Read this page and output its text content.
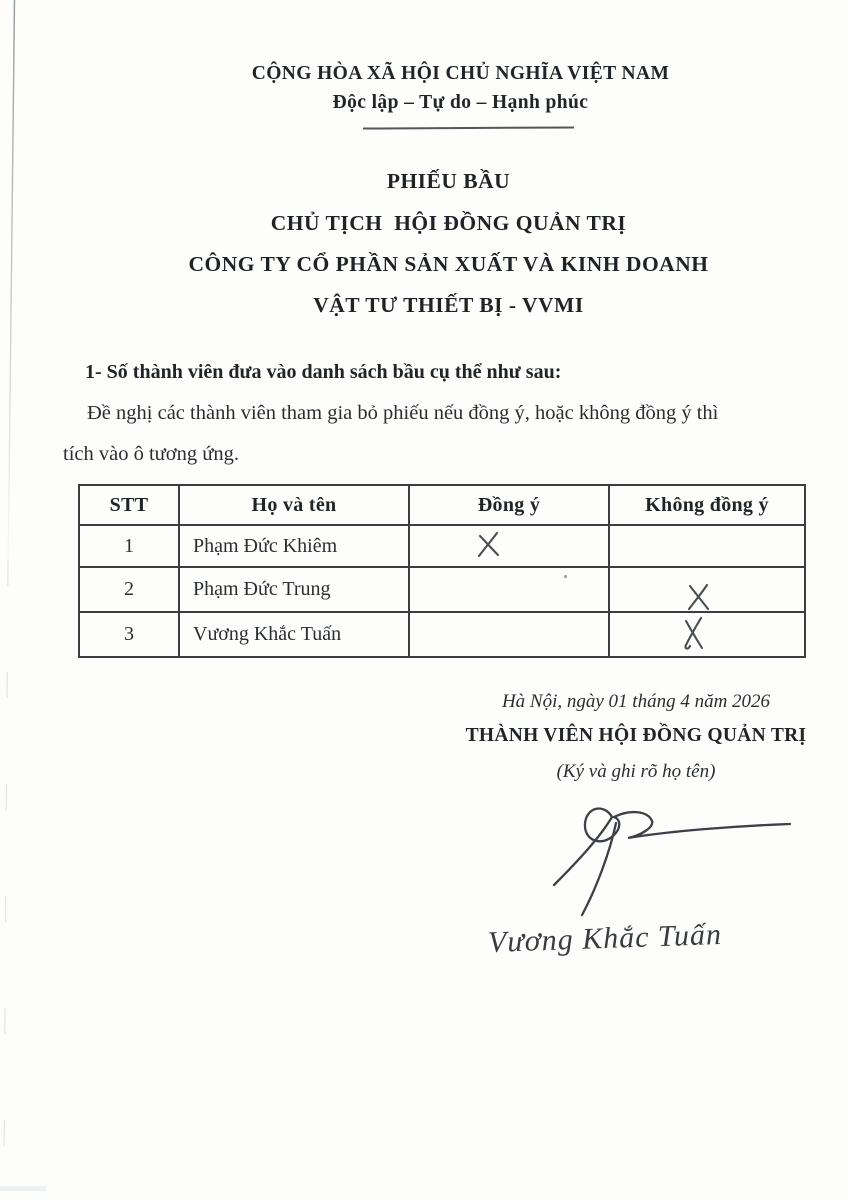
CỘNG HÒA XÃ HỘI CHỦ NGHĨA VIỆT NAM
Độc lập – Tự do – Hạnh phúc
PHIẾU BẦU
CHỦ TỊCH  HỘI ĐỒNG QUẢN TRỊ
CÔNG TY CỔ PHẦN SẢN XUẤT VÀ KINH DOANH
VẬT TƯ THIẾT BỊ - VVMI
1- Số thành viên đưa vào danh sách bầu cụ thể như sau:
Đề nghị các thành viên tham gia bỏ phiếu nếu đồng ý, hoặc không đồng ý thì
tích vào ô tương ứng.
STT	Họ và tên	Đồng ý	Không đồng ý
1	Phạm Đức Khiêm		
2	Phạm Đức Trung		
3	Vương Khắc Tuấn		
Hà Nội, ngày 01 tháng 4 năm 2026
THÀNH VIÊN HỘI ĐỒNG QUẢN TRỊ
(Ký và ghi rõ họ tên)
Vương Khắc Tuấn
